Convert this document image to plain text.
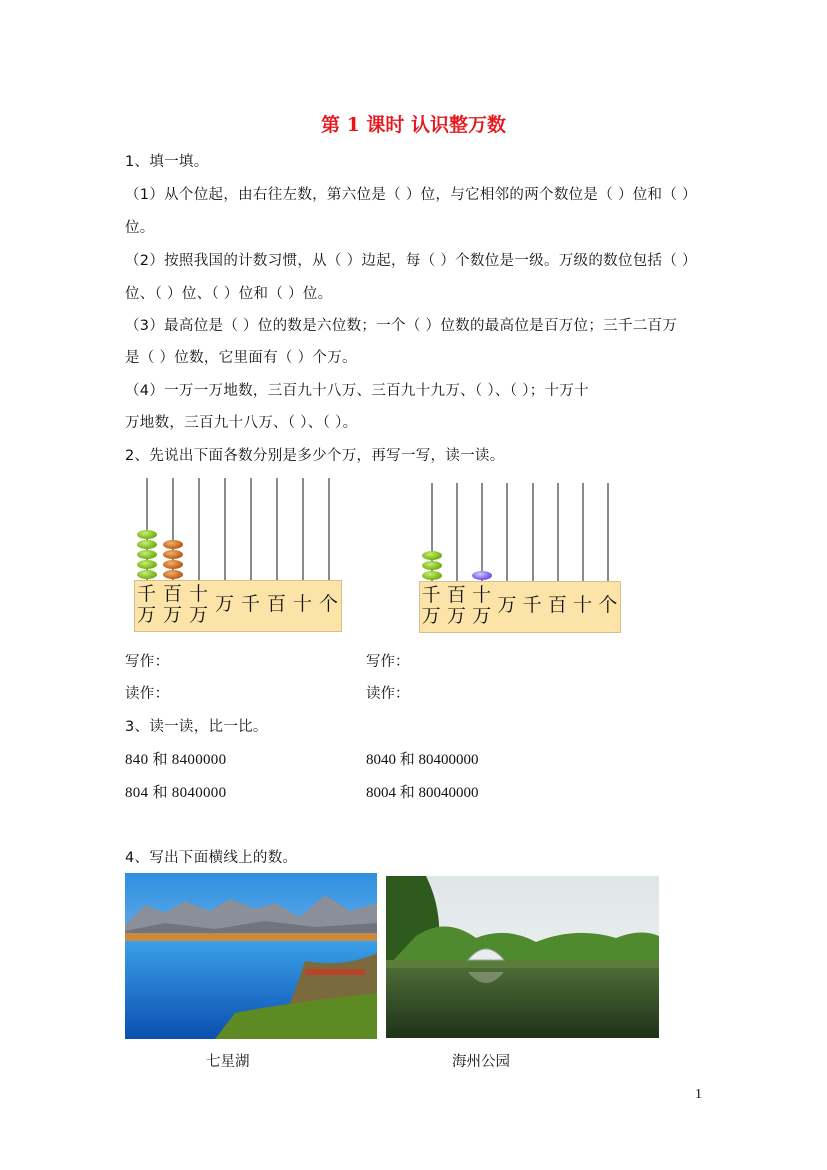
第 1 课时 认识整万数
1、填一填。
（1）从个位起，由右往左数，第六位是（ ）位，与它相邻的两个数位是（ ）位和（ ）
位。
（2）按照我国的计数习惯，从（ ）边起，每（ ）个数位是一级。万级的数位包括（ ）
位、（ ）位、（ ）位和（ ）位。
（3）最高位是（ ）位的数是六位数；一个（ ）位数的最高位是百万位；三千二百万
是（ ）位数，它里面有（ ）个万。
（4）一万一万地数，三百九十八万、三百九十九万、（ ）、（ ）；十万十
万地数，三百九十八万、（ ）、（ ）。
2、先说出下面各数分别是多少个万，再写一写，读一读。
千
万
百
万
十
万 万 千 百 十 个	千
万
百
万
十
万 万 千 百 十 个
写作：	写作：
读作：	读作：
3、读一读，比一比。
840 和 8400000	8040 和 80400000
804 和 8040000	8004 和 80040000
4、写出下面横线上的数。
七星湖	海州公园
1
